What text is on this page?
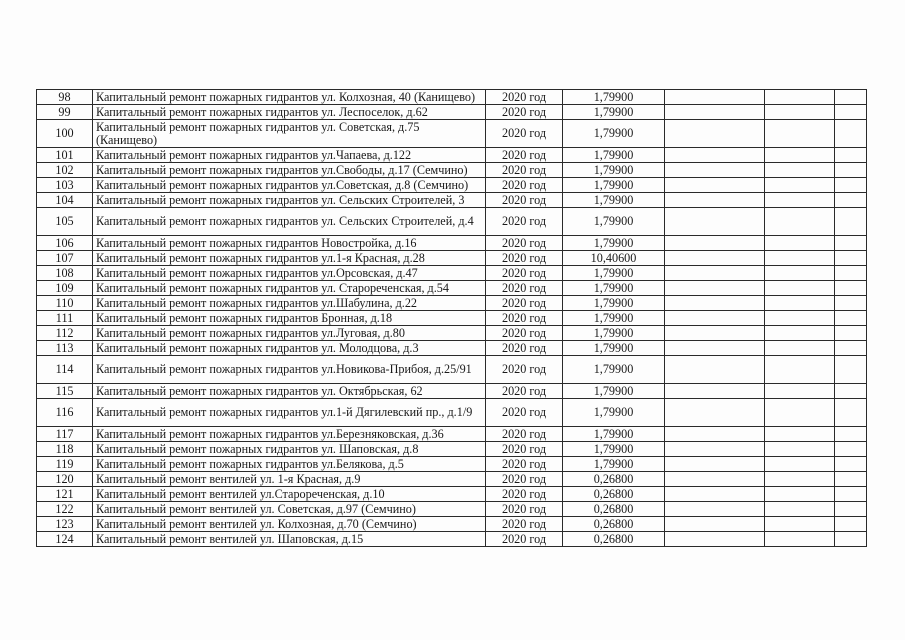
98	Капитальный ремонт пожарных гидрантов ул. Колхозная, 40 (Канищево)	2020 год	1,79900			
99	Капитальный ремонт пожарных гидрантов ул. Леспоселок, д.62	2020 год	1,79900			
100	Капитальный ремонт пожарных гидрантов ул. Советская, д.75 (Канищево)	2020 год	1,79900			
101	Капитальный ремонт пожарных гидрантов ул.Чапаева, д.122	2020 год	1,79900			
102	Капитальный ремонт пожарных гидрантов ул.Свободы, д.17 (Семчино)	2020 год	1,79900			
103	Капитальный ремонт пожарных гидрантов ул.Советская, д.8 (Семчино)	2020 год	1,79900			
104	Капитальный ремонт пожарных гидрантов ул. Сельских Строителей, 3	2020 год	1,79900			
105	Капитальный ремонт пожарных гидрантов ул. Сельских Строителей, д.4	2020 год	1,79900			
106	Капитальный ремонт пожарных гидрантов Новостройка, д.16	2020 год	1,79900			
107	Капитальный ремонт пожарных гидрантов ул.1-я Красная, д.28	2020 год	10,40600			
108	Капитальный ремонт пожарных гидрантов ул.Орсовская, д.47	2020 год	1,79900			
109	Капитальный ремонт пожарных гидрантов ул. Старореченская, д.54	2020 год	1,79900			
110	Капитальный ремонт пожарных гидрантов ул.Шабулина, д.22	2020 год	1,79900			
111	Капитальный ремонт пожарных гидрантов Бронная, д.18	2020 год	1,79900			
112	Капитальный ремонт пожарных гидрантов ул.Луговая, д.80	2020 год	1,79900			
113	Капитальный ремонт пожарных гидрантов ул. Молодцова, д.3	2020 год	1,79900			
114	Капитальный ремонт пожарных гидрантов ул.Новикова-Прибоя, д.25/91	2020 год	1,79900			
115	Капитальный ремонт пожарных гидрантов ул. Октябрьская, 62	2020 год	1,79900			
116	Капитальный ремонт пожарных гидрантов ул.1-й Дягилевский пр., д.1/9	2020 год	1,79900			
117	Капитальный ремонт пожарных гидрантов ул.Березняковская, д.36	2020 год	1,79900			
118	Капитальный ремонт пожарных гидрантов ул. Шаповская, д.8	2020 год	1,79900			
119	Капитальный ремонт пожарных гидрантов ул.Белякова, д.5	2020 год	1,79900			
120	Капитальный ремонт вентилей ул. 1-я Красная, д.9	2020 год	0,26800			
121	Капитальный ремонт вентилей ул.Старореченская, д.10	2020 год	0,26800			
122	Капитальный ремонт вентилей ул. Советская, д.97 (Семчино)	2020 год	0,26800			
123	Капитальный ремонт вентилей ул. Колхозная, д.70 (Семчино)	2020 год	0,26800			
124	Капитальный ремонт вентилей ул. Шаповская, д.15	2020 год	0,26800			
